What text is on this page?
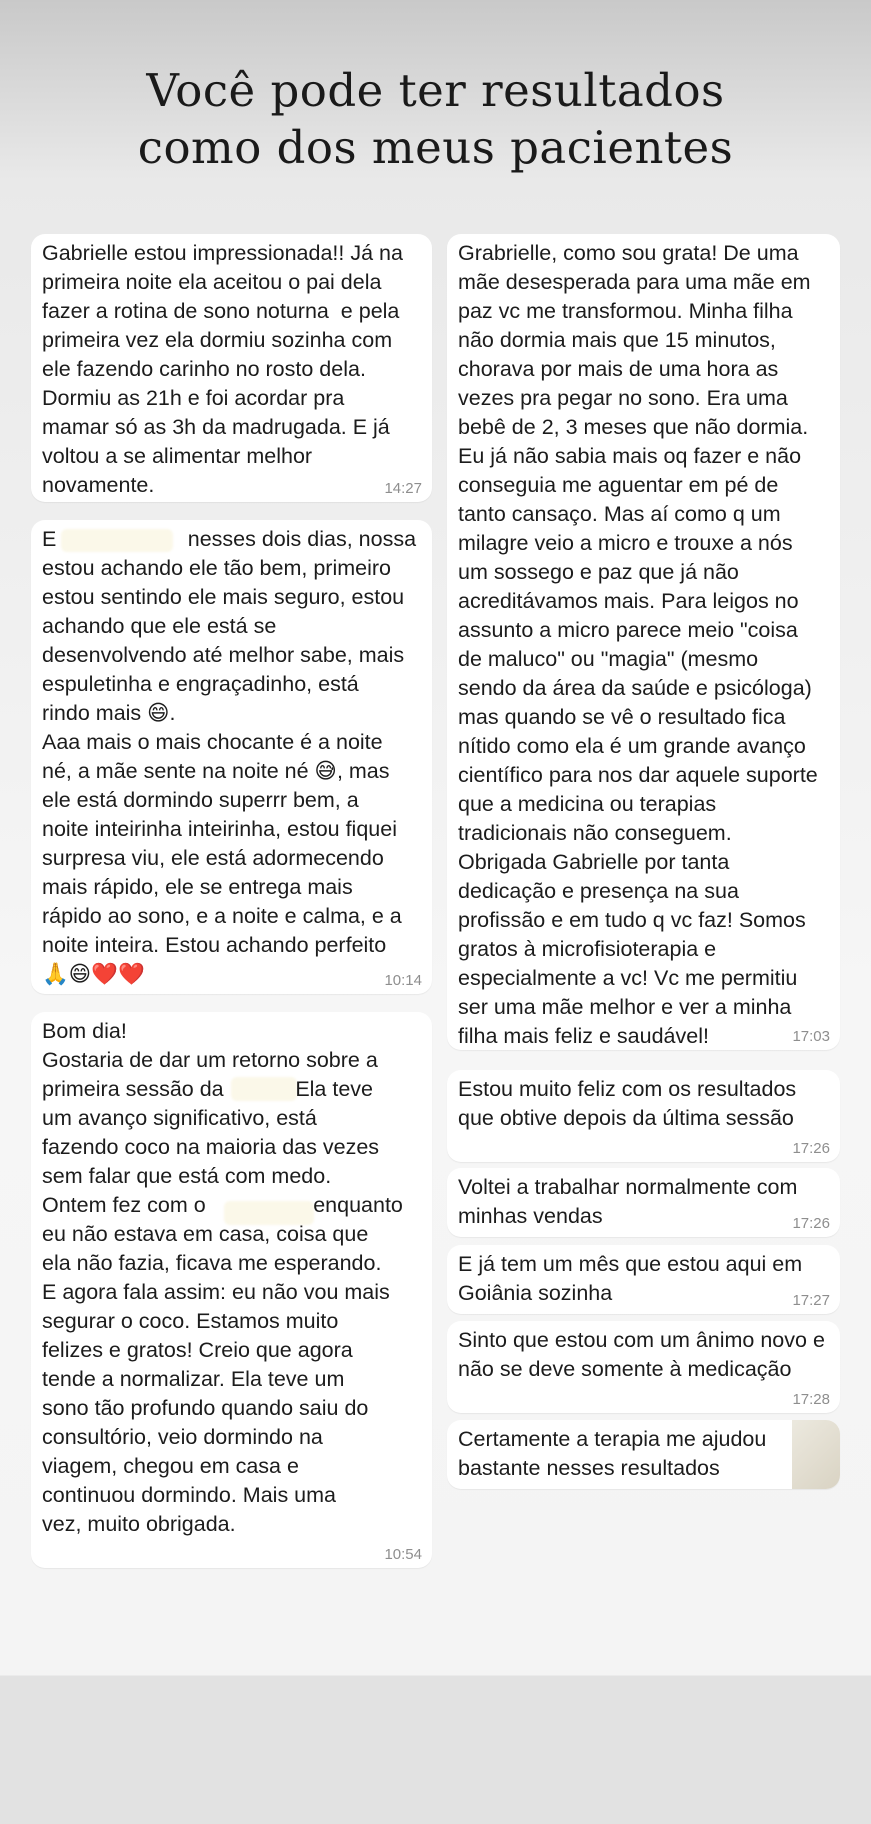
Você pode ter resultados
como dos meus pacientes
Gabrielle estou impressionada!! Já na
primeira noite ela aceitou o pai dela
fazer a rotina de sono noturna  e pela
primeira vez ela dormiu sozinha com
ele fazendo carinho no rosto dela.
Dormiu as 21h e foi acordar pra
mamar só as 3h da madrugada. E já
voltou a se alimentar melhor
novamente.	14:27
E                      nesses dois dias, nossa
estou achando ele tão bem, primeiro
estou sentindo ele mais seguro, estou
achando que ele está se
desenvolvendo até melhor sabe, mais
espuletinha e engraçadinho, está
rindo mais 😄.
Aaa mais o mais chocante é a noite
né, a mãe sente na noite né 😅, mas
ele está dormindo superrr bem, a
noite inteirinha inteirinha, estou fiquei
surpresa viu, ele está adormecendo
mais rápido, ele se entrega mais
rápido ao sono, e a noite e calma, e a
noite inteira. Estou achando perfeito
🙏😄❤️❤️	10:14
Bom dia!
Gostaria de dar um retorno sobre a
primeira sessão da            Ela teve
um avanço significativo, está
fazendo coco na maioria das vezes
sem falar que está com medo.
Ontem fez com o                  enquanto
eu não estava em casa, coisa que
ela não fazia, ficava me esperando.
E agora fala assim: eu não vou mais
segurar o coco. Estamos muito
felizes e gratos! Creio que agora
tende a normalizar. Ela teve um
sono tão profundo quando saiu do
consultório, veio dormindo na
viagem, chegou em casa e
continuou dormindo. Mais uma
vez, muito obrigada.
10:54
Grabrielle, como sou grata! De uma
mãe desesperada para uma mãe em
paz vc me transformou. Minha filha
não dormia mais que 15 minutos,
chorava por mais de uma hora as
vezes pra pegar no sono. Era uma
bebê de 2, 3 meses que não dormia.
Eu já não sabia mais oq fazer e não
conseguia me aguentar em pé de
tanto cansaço. Mas aí como q um
milagre veio a micro e trouxe a nós
um sossego e paz que já não
acreditávamos mais. Para leigos no
assunto a micro parece meio "coisa
de maluco" ou "magia" (mesmo
sendo da área da saúde e psicóloga)
mas quando se vê o resultado fica
nítido como ela é um grande avanço
científico para nos dar aquele suporte
que a medicina ou terapias
tradicionais não conseguem.
Obrigada Gabrielle por tanta
dedicação e presença na sua
profissão e em tudo q vc faz! Somos
gratos à microfisioterapia e
especialmente a vc! Vc me permitiu
ser uma mãe melhor e ver a minha
filha mais feliz e saudável!	17:03
Estou muito feliz com os resultados
que obtive depois da última sessão
17:26
Voltei a trabalhar normalmente com
minhas vendas	17:26
E já tem um mês que estou aqui em
Goiânia sozinha	17:27
Sinto que estou com um ânimo novo e
não se deve somente à medicação
17:28
Certamente a terapia me ajudou
bastante nesses resultados
